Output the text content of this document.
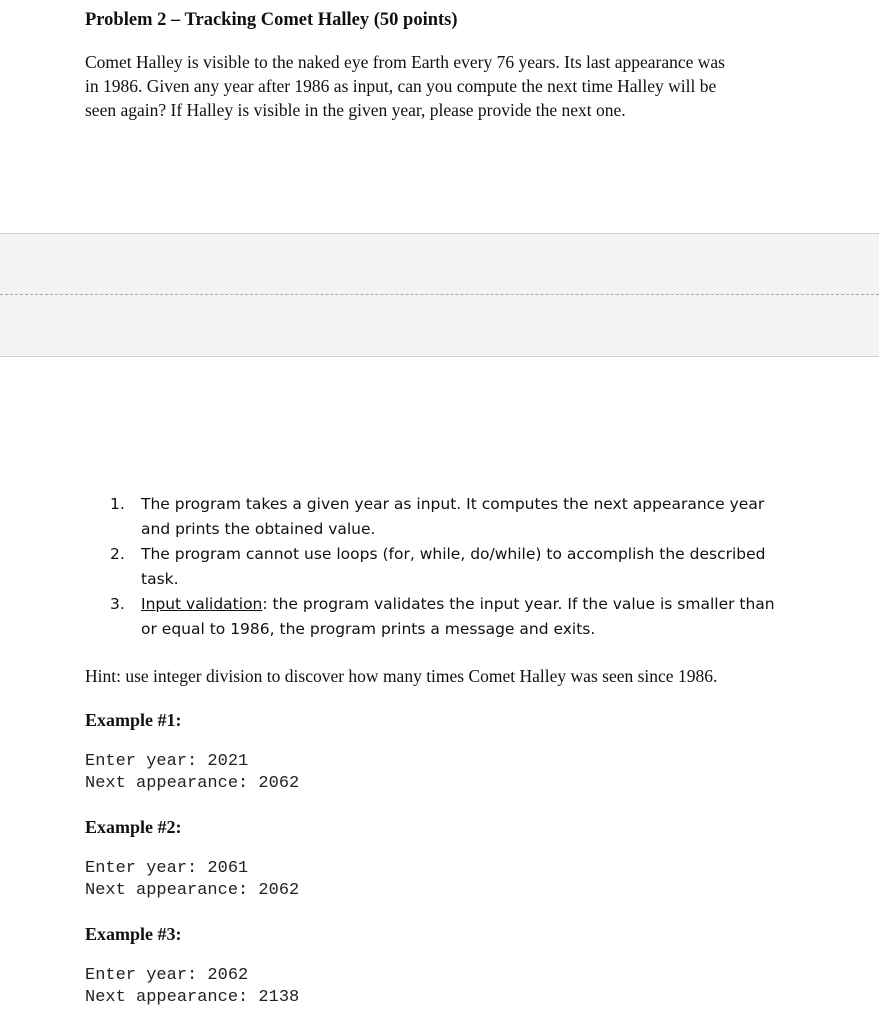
Problem 2 – Tracking Comet Halley (50 points)

Comet Halley is visible to the naked eye from Earth every 76 years. Its last appearance was

in 1986. Given any year after 1986 as input, can you compute the next time Halley will be

seen again? If Halley is visible in the given year, please provide the next one.

1. The program takes a given year as input. It computes the next appearance year
and prints the obtained value.
2. The program cannot use loops (for, while, do/while) to accomplish the described
task.
3. Input validation: the program validates the input year. If the value is smaller than
or equal to 1986, the program prints a message and exits.
Hint: use integer division to discover how many times Comet Halley was seen since 1986.
Example #1:
Enter year: 2021
Next appearance: 2062
Example #2:
Enter year: 2061
Next appearance: 2062
Example #3:
Enter year: 2062
Next appearance: 2138
